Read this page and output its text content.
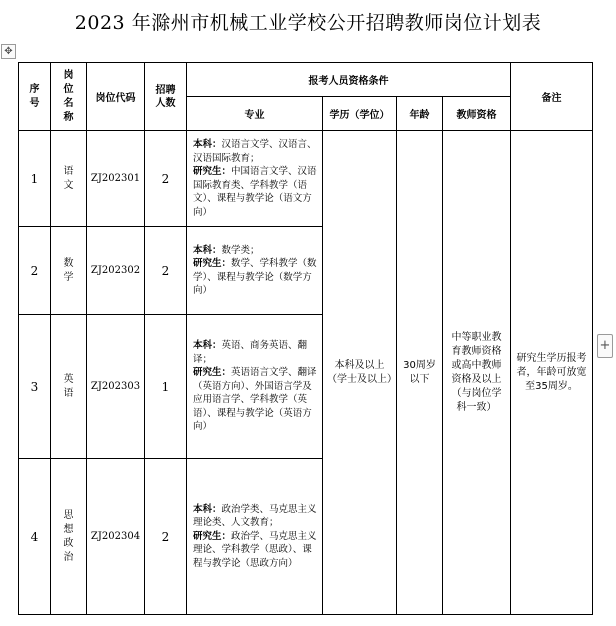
2023 年滁州市机械工业学校公开招聘教师岗位计划表
✥
+
序号	岗位名称	岗位代码	招聘人数	报考人员资格条件				备注
				专业	学历（学位）	年龄	教师资格	
1	语文	ZJ202301	2	本科：汉语言文学、汉语言、汉语国际教育；
研究生：中国语言文学、汉语国际教育类、学科教学（语文）、课程与教学论（语文方向）	本科及以上（学士及以上）	30周岁以下	中等职业教育教师资格或高中教师资格及以上（与岗位学科一致）	研究生学历报考者，年龄可放宽至35周岁。
2	数学	ZJ202302	2	本科：数学类；
研究生：数学、学科教学（数学）、课程与教学论（数学方向）				
3	英语	ZJ202303	1	本科：英语、商务英语、翻译；
研究生：英语语言文学、翻译（英语方向）、外国语言学及应用语言学、学科教学（英语）、课程与教学论（英语方向）				
4	思想政治	ZJ202304	2	本科：政治学类、马克思主义理论类、人文教育；
研究生：政治学、马克思主义理论、学科教学（思政）、课程与教学论（思政方向）				
